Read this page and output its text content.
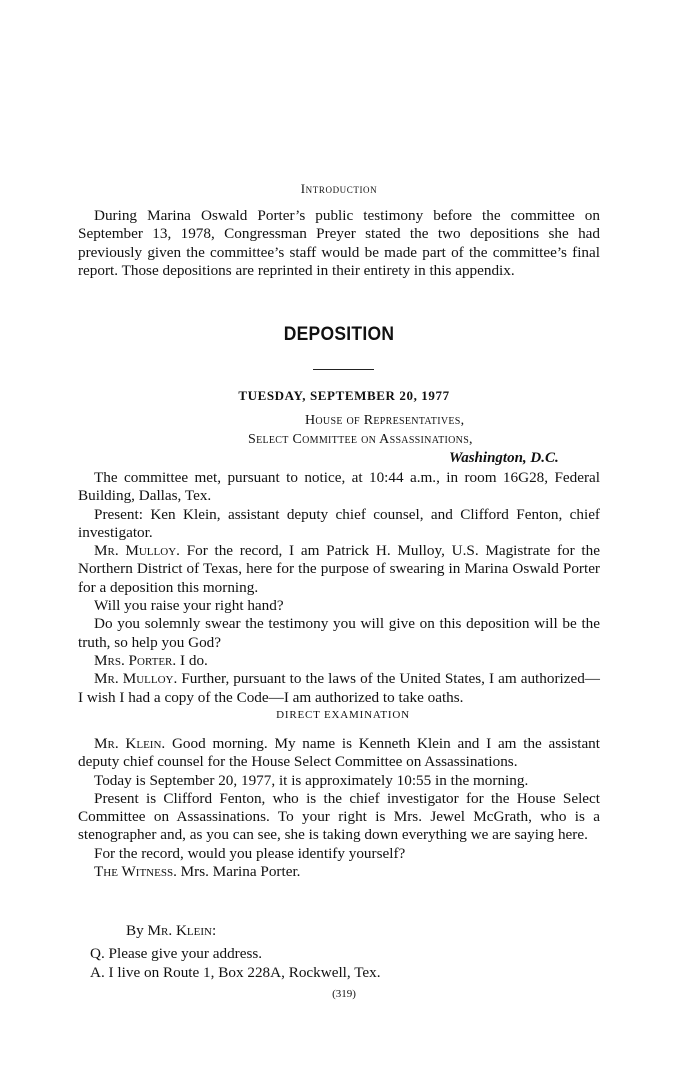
Introduction

During Marina Oswald Porter’s public testimony before the committee on September 13, 1978, Congressman Preyer stated the two depositions she had previously given the committee’s staff would be made part of the committee’s final report. Those depositions are reprinted in their entirety in this appendix.

DEPOSITION
TUESDAY, SEPTEMBER 20, 1977
House of Representatives,
Select Committee on Assassinations,
Washington, D.C.

The committee met, pursuant to notice, at 10:44 a.m., in room 16G28, Federal Building, Dallas, Tex.

Present: Ken Klein, assistant deputy chief counsel, and Clifford Fenton, chief investigator.

Mr. Mulloy. For the record, I am Patrick H. Mulloy, U.S. Magistrate for the Northern District of Texas, here for the purpose of swearing in Marina Oswald Porter for a deposition this morning.

Will you raise your right hand?

Do you solemnly swear the testimony you will give on this deposition will be the truth, so help you God?

Mrs. Porter. I do.

Mr. Mulloy. Further, pursuant to the laws of the United States, I am authorized—I wish I had a copy of the Code—I am authorized to take oaths.

DIRECT EXAMINATION

Mr. Klein. Good morning. My name is Kenneth Klein and I am the assistant deputy chief counsel for the House Select Committee on Assassinations.

Today is September 20, 1977, it is approximately 10:55 in the morning.

Present is Clifford Fenton, who is the chief investigator for the House Select Committee on Assassinations. To your right is Mrs. Jewel McGrath, who is a stenographer and, as you can see, she is taking down everything we are saying here.

For the record, would you please identify yourself?

The Witness. Mrs. Marina Porter.

By Mr. Klein:

Q. Please give your address.

A. I live on Route 1, Box 228A, Rockwell, Tex.

(319)
